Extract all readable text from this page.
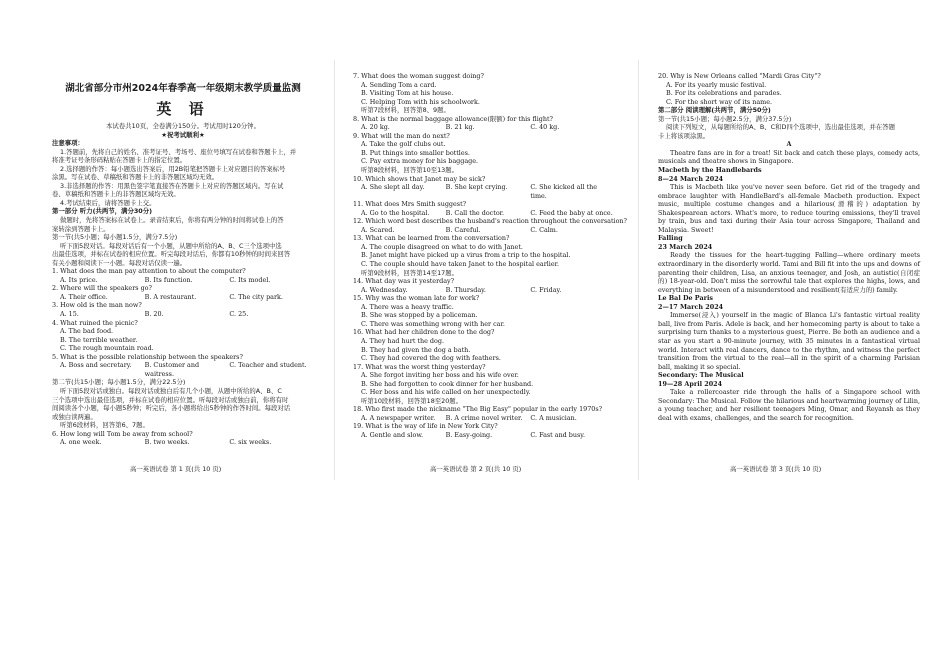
湖北省部分市州2024年春季高一年级期末教学质量监测
英 语
本试卷共10页，全卷满分150分。考试用时120分钟。
★祝考试顺利★
注意事项：
1.答题前，先将自己的姓名、准考证号、考场号、座位号填写在试卷和答题卡上，并
将准考证号条形码粘贴在答题卡上的指定位置。
2.选择题的作答：每小题选出答案后，用2B铅笔把答题卡上对应题目的答案标号
涂黑。写在试卷、草稿纸和答题卡上的非答题区域均无效。
3.非选择题的作答：用黑色签字笔直接答在答题卡上对应的答题区域内。写在试
卷、草稿纸和答题卡上的非答题区域均无效。
4.考试结束后，请将答题卡上交。
第一部分 听力(共两节，满分30分)
做题时，先将答案标在试卷上。录音结束后，你将有两分钟的时间将试卷上的答
案转涂到答题卡上。
第一节(共5小题；每小题1.5分，满分7.5分)
听下面5段对话。每段对话后有一个小题，从题中所给的A、B、C三个选项中选
出最佳选项，并标在试卷的相应位置。听完每段对话后，你都有10秒钟的时间来回答
有关小题和阅读下一小题。每段对话仅读一遍。
1. What does the man pay attention to about the computer?
A. Its price.	B. Its function.	C. Its model.
2. Where will the speakers go?
A. Their office.	B. A restaurant.	C. The city park.
3. How old is the man now?
A. 15.	B. 20.	C. 25.
4. What ruined the picnic?
A. The bad food.
B. The terrible weather.
C. The rough mountain road.
5. What is the possible relationship between the speakers?
A. Boss and secretary.	B. Customer and waitress.
C. Teacher and student.
第二节(共15小题；每小题1.5分，满分22.5分)
听下面5段对话或独白。每段对话或独白后有几个小题，从题中所给的A、B、C
三个选项中选出最佳选项，并标在试卷的相应位置。听每段对话或独白前，你将有时
间阅读各个小题，每小题5秒钟；听完后，各小题将给出5秒钟的作答时间。每段对话
或独白读两遍。
听第6段材料，回答第6、7题。
6. How long will Tom be away from school?
A. one week.	B. two weeks.	C. six weeks.
高一英语试卷 第 1 页(共 10 页)
7. What does the woman suggest doing?
A. Sending Tom a card.
B. Visiting Tom at his house.
C. Helping Tom with his schoolwork.
听第7段材料，回答第8、9题。
8. What is the normal baggage allowance(限额) for this flight?
A. 20 kg.	B. 21 kg.	C. 40 kg.
9. What will the man do next?
A. Take the golf clubs out.
B. Put things into smaller bottles.
C. Pay extra money for his baggage.
听第8段材料，回答第10至13题。
10. Which shows that Janet may be sick?
A. She slept all day.	B. She kept crying.	C. She kicked all the time.
11. What does Mrs Smith suggest?
A. Go to the hospital.	B. Call the doctor.	C. Feed the baby at once.
12. Which word best describes the husband's reaction throughout the conversation?
A. Scared.	B. Careful.	C. Calm.
13. What can be learned from the conversation?
A. The couple disagreed on what to do with Janet.
B. Janet might have picked up a virus from a trip to the hospital.
C. The couple should have taken Janet to the hospital earlier.
听第9段材料，回答第14至17题。
14. What day was it yesterday?
A. Wednesday.	B. Thursday.	C. Friday.
15. Why was the woman late for work?
A. There was a heavy traffic.
B. She was stopped by a policeman.
C. There was something wrong with her car.
16. What had her children done to the dog?
A. They had hurt the dog.
B. They had given the dog a bath.
C. They had covered the dog with feathers.
17. What was the worst thing yesterday?
A. She forgot inviting her boss and his wife over.
B. She had forgotten to cook dinner for her husband.
C. Her boss and his wife called on her unexpectedly.
听第10段材料，回答第18至20题。
18. Who first made the nickname "The Big Easy" popular in the early 1970s?
A. A newspaper writer.	B. A crime novel writer.	C. A musician.
19. What is the way of life in New York City?
A. Gentle and slow.	B. Easy-going.	C. Fast and busy.
高一英语试卷 第 2 页(共 10 页)
20. Why is New Orleans called "Mardi Gras City"?
A. For its yearly music festival.
B. For its celebrations and parades.
C. For the short way of its name.
第二部分 阅读理解(共两节，满分50分)
第一节(共15小题；每小题2.5分，满分37.5分)
阅读下列短文，从每题所给的A、B、C和D四个选项中，选出最佳选项，并在答题
卡上将该项涂黑。
A
Theatre fans are in for a treat! Sit back and catch these plays, comedy acts, musicals and theatre shows in Singapore.
Macbeth by the Handlebards
8—24 March 2024
This is Macbeth like you've never seen before. Get rid of the tragedy and embrace laughter with HandleBard's all-female Macbeth production. Expect music, multiple costume changes and a hilarious(滑稽的) adaptation by Shakespearean actors. What's more, to reduce touring emissions, they'll travel by train, bus and taxi during their Asia tour across Singapore, Thailand and Malaysia. Sweet!
Falling
23 March 2024
Ready the tissues for the heart-tugging Falling—where ordinary meets extraordinary in the disorderly world. Tami and Bill fit into the ups and downs of parenting their children, Lisa, an anxious teenager, and Josh, an autistic(自闭症的) 18-year-old. Don't miss the sorrowful tale that explores the highs, lows, and everything in between of a misunderstood and resilient(有适应力的) family.
Le Bal De Paris
2—17 March 2024
Immerse(浸入) yourself in the magic of Blanca Li's fantastic virtual reality ball, live from Paris. Adele is back, and her homecoming party is about to take a surprising turn thanks to a mysterious guest, Pierre. Be both an audience and a star as you start a 90-minute journey, with 35 minutes in a fantastical virtual world. Interact with real dancers, dance to the rhythm, and witness the perfect transition from the virtual to the real—all in the spirit of a charming Parisian ball, making it so special.
Secondary: The Musical
19—28 April 2024
Take a rollercoaster ride through the halls of a Singapore school with Secondary: The Musical. Follow the hilarious and heartwarming journey of Lilin, a young teacher, and her resilient teenagers Ming, Omar, and Reyansh as they deal with exams, challenges, and the search for recognition.
高一英语试卷 第 3 页(共 10 页)
